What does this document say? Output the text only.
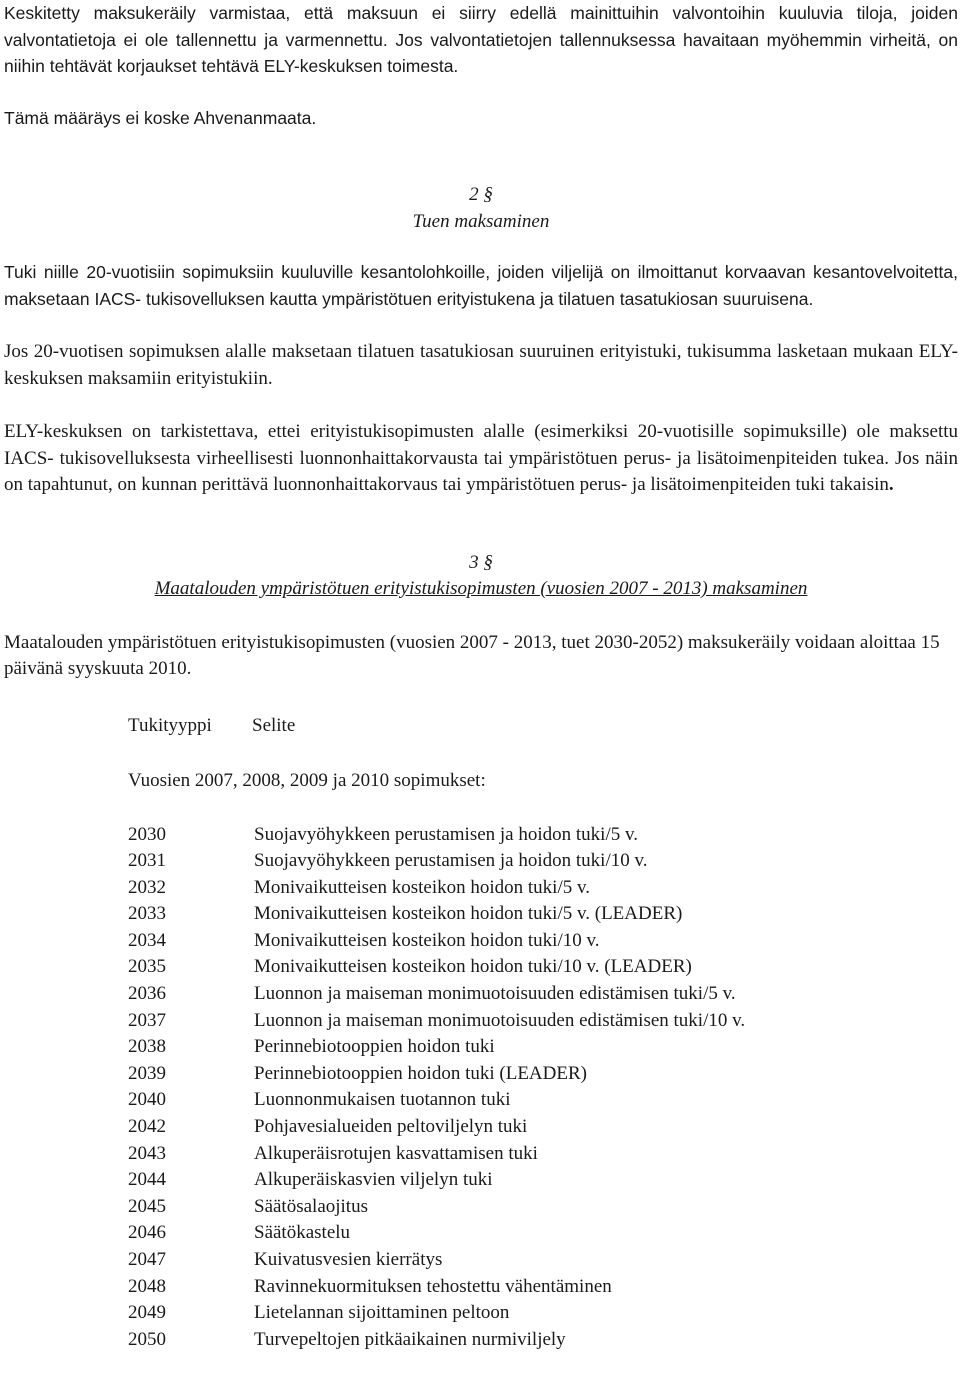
Keskitetty maksukeräily varmistaa, että maksuun ei siirry edellä mainittuihin valvontoihin kuuluvia tiloja, joiden valvontatietoja ei ole tallennettu ja varmennettu. Jos valvontatietojen tallennuksessa havaitaan myöhemmin virheitä, on niihin tehtävät korjaukset tehtävä ELY-keskuksen toimesta.

Tämä määräys ei koske Ahvenanmaata.

2 §

Tuen maksaminen

Tuki niille 20-vuotisiin sopimuksiin kuuluville kesantolohkoille, joiden viljelijä on ilmoittanut korvaavan kesantovelvoitetta, maksetaan IACS- tukisovelluksen kautta ympäristötuen erityistukena ja tilatuen tasatukiosan suuruisena.

Jos 20-vuotisen sopimuksen alalle maksetaan tilatuen tasatukiosan suuruinen erityistuki, tukisumma lasketaan mukaan ELY-keskuksen maksamiin erityistukiin.

ELY-keskuksen on tarkistettava, ettei erityistukisopimusten alalle (esimerkiksi 20-vuotisille sopimuksille) ole maksettu IACS- tukisovelluksesta virheellisesti luonnonhaittakorvausta tai ympäristötuen perus- ja lisätoimenpiteiden tukea. Jos näin on tapahtunut, on kunnan perittävä luonnonhaittakorvaus tai ympäristötuen perus- ja lisätoimenpiteiden tuki takaisin.

3 §

Maatalouden ympäristötuen erityistukisopimusten (vuosien 2007 - 2013) maksaminen

Maatalouden ympäristötuen erityistukisopimusten (vuosien 2007 - 2013, tuet 2030-2052) maksukeräily voidaan aloittaa 15 päivänä syyskuuta 2010.

Tukityyppi Selite

Vuosien 2007, 2008, 2009 ja 2010 sopimukset:

2030	Suojavyöhykkeen perustamisen ja hoidon tuki/5 v.
2031	Suojavyöhykkeen perustamisen ja hoidon tuki/10 v.
2032	Monivaikutteisen kosteikon hoidon tuki/5 v.
2033	Monivaikutteisen kosteikon hoidon tuki/5 v. (LEADER)
2034	Monivaikutteisen kosteikon hoidon tuki/10 v.
2035	Monivaikutteisen kosteikon hoidon tuki/10 v. (LEADER)
2036	Luonnon ja maiseman monimuotoisuuden edistämisen tuki/5 v.
2037	Luonnon ja maiseman monimuotoisuuden edistämisen tuki/10 v.
2038	Perinnebiotooppien hoidon tuki
2039	Perinnebiotooppien hoidon tuki (LEADER)
2040	Luonnonmukaisen tuotannon tuki
2042	Pohjavesialueiden peltoviljelyn tuki
2043	Alkuperäisrotujen kasvattamisen tuki
2044	Alkuperäiskasvien viljelyn tuki
2045	Säätösalaojitus
2046	Säätökastelu
2047	Kuivatusvesien kierrätys
2048	Ravinnekuormituksen tehostettu vähentäminen
2049	Lietelannan sijoittaminen peltoon
2050	Turvepeltojen pitkäaikainen nurmiviljely
